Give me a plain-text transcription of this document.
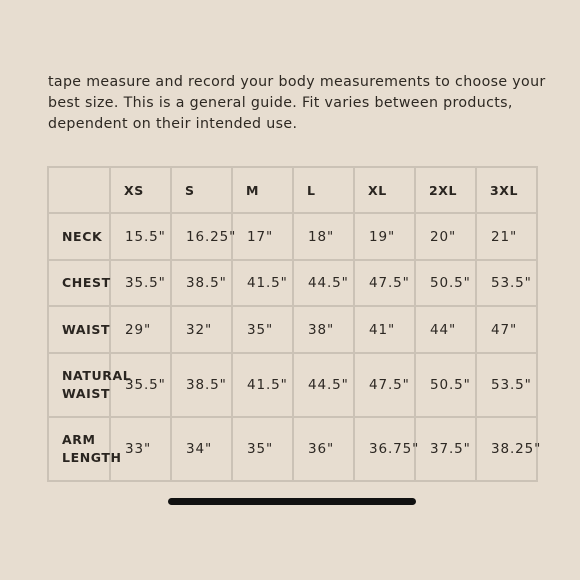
tape measure and record your body measurements to choose your
best size. This is a general guide. Fit varies between products,
dependent on their intended use.

	XS	S	M	L	XL	2XL	3XL

NECK	15.5"	16.25"	17"	18"	19"	20"	21"

CHEST	35.5"	38.5"	41.5"	44.5"	47.5"	50.5"	53.5"

WAIST	29"	32"	35"	38"	41"	44"	47"

NATURAL
WAIST	35.5"	38.5"	41.5"	44.5"	47.5"	50.5"	53.5"

ARM
LENGTH	33"	34"	35"	36"	36.75"	37.5"	38.25"
